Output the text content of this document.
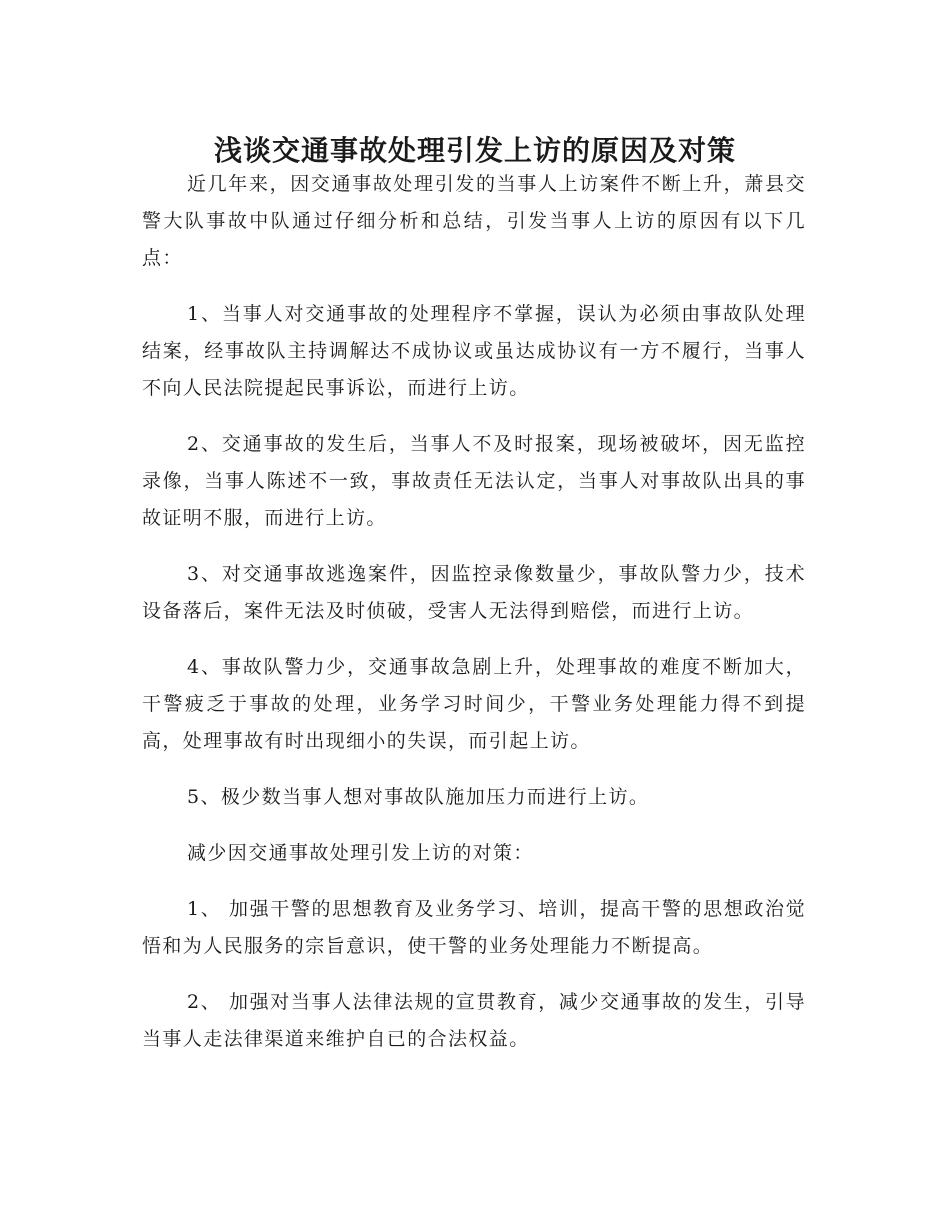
浅谈交通事故处理引发上访的原因及对策

近几年来，因交通事故处理引发的当事人上访案件不断上升，萧县交警大队事故中队通过仔细分析和总结，引发当事人上访的原因有以下几点：

1、当事人对交通事故的处理程序不掌握，误认为必须由事故队处理结案，经事故队主持调解达不成协议或虽达成协议有一方不履行，当事人不向人民法院提起民事诉讼，而进行上访。

2、交通事故的发生后，当事人不及时报案，现场被破坏，因无监控录像，当事人陈述不一致，事故责任无法认定，当事人对事故队出具的事故证明不服，而进行上访。

3、对交通事故逃逸案件，因监控录像数量少，事故队警力少，技术设备落后，案件无法及时侦破，受害人无法得到赔偿，而进行上访。

4、事故队警力少，交通事故急剧上升，处理事故的难度不断加大，干警疲乏于事故的处理，业务学习时间少，干警业务处理能力得不到提高，处理事故有时出现细小的失误，而引起上访。

5、极少数当事人想对事故队施加压力而进行上访。

减少因交通事故处理引发上访的对策：

1、 加强干警的思想教育及业务学习、培训，提高干警的思想政治觉悟和为人民服务的宗旨意识，使干警的业务处理能力不断提高。

2、 加强对当事人法律法规的宣贯教育，减少交通事故的发生，引导当事人走法律渠道来维护自已的合法权益。
